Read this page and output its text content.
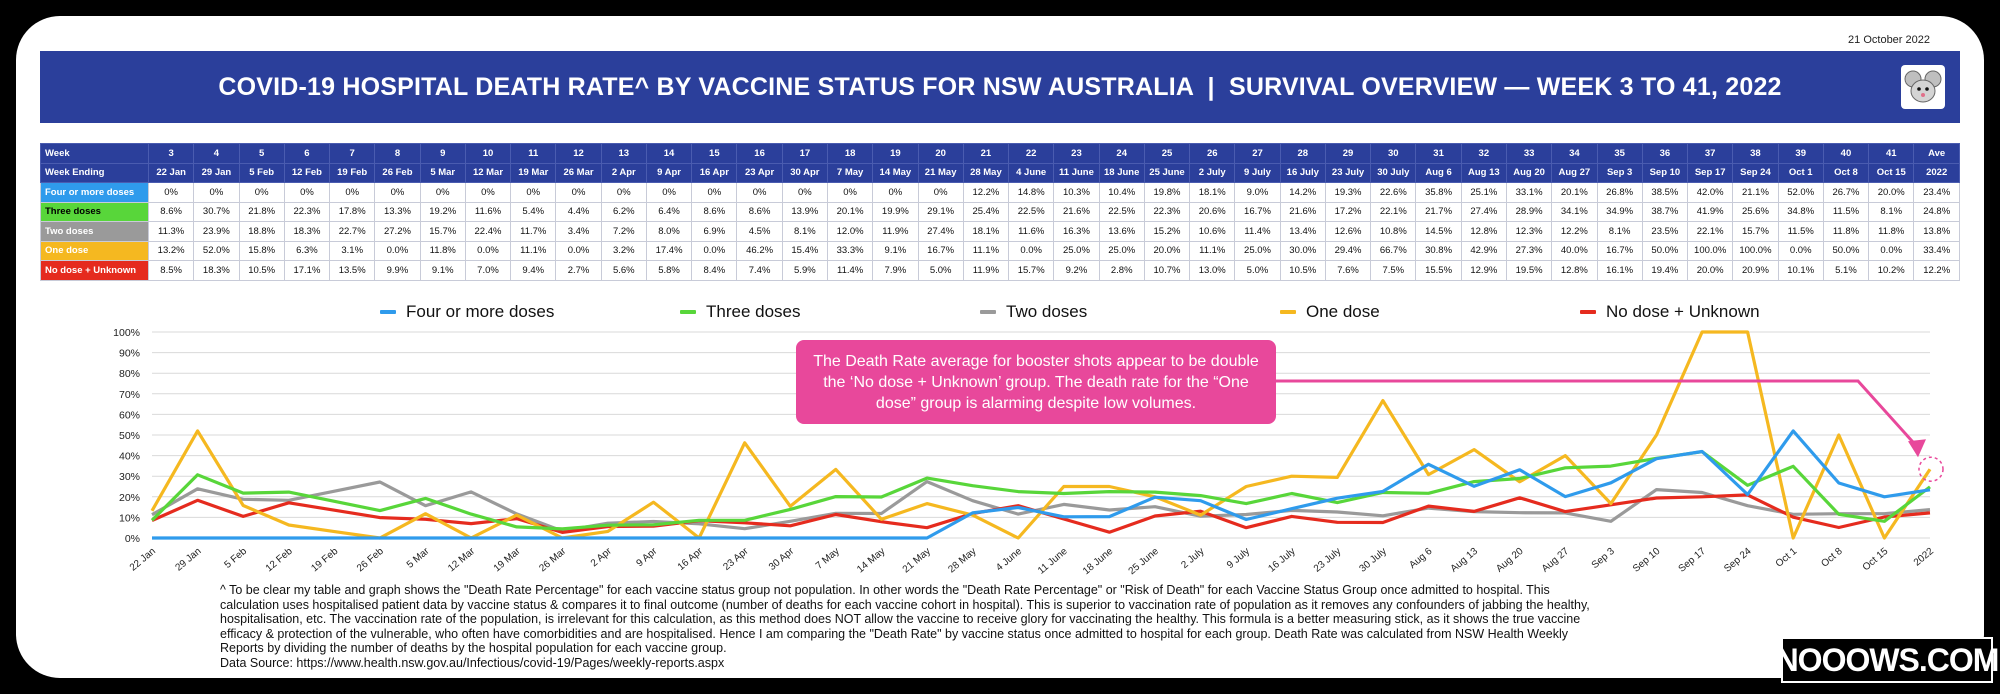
21 October 2022
COVID-19 HOSPITAL DEATH RATE^ BY VACCINE STATUS FOR NSW AUSTRALIA  |  SURVIVAL OVERVIEW — WEEK 3 TO 41, 2022
Week	3	4	5	6	7	8	9	10	11	12	13	14	15	16	17	18	19	20	21	22	23	24	25	26	27	28	29	30	31	32	33	34	35	36	37	38	39	40	41	Ave
Week Ending	22 Jan	29 Jan	5 Feb	12 Feb	19 Feb	26 Feb	5 Mar	12 Mar	19 Mar	26 Mar	2 Apr	9 Apr	16 Apr	23 Apr	30 Apr	7 May	14 May	21 May	28 May	4 June	11 June	18 June	25 June	2 July	9 July	16 July	23 July	30 July	Aug 6	Aug 13	Aug 20	Aug 27	Sep 3	Sep 10	Sep 17	Sep 24	Oct 1	Oct 8	Oct 15	2022
Four or more doses	0%	0%	0%	0%	0%	0%	0%	0%	0%	0%	0%	0%	0%	0%	0%	0%	0%	0%	12.2%	14.8%	10.3%	10.4%	19.8%	18.1%	9.0%	14.2%	19.3%	22.6%	35.8%	25.1%	33.1%	20.1%	26.8%	38.5%	42.0%	21.1%	52.0%	26.7%	20.0%	23.4%
Three doses	8.6%	30.7%	21.8%	22.3%	17.8%	13.3%	19.2%	11.6%	5.4%	4.4%	6.2%	6.4%	8.6%	8.6%	13.9%	20.1%	19.9%	29.1%	25.4%	22.5%	21.6%	22.5%	22.3%	20.6%	16.7%	21.6%	17.2%	22.1%	21.7%	27.4%	28.9%	34.1%	34.9%	38.7%	41.9%	25.6%	34.8%	11.5%	8.1%	24.8%
Two doses	11.3%	23.9%	18.8%	18.3%	22.7%	27.2%	15.7%	22.4%	11.7%	3.4%	7.2%	8.0%	6.9%	4.5%	8.1%	12.0%	11.9%	27.4%	18.1%	11.6%	16.3%	13.6%	15.2%	10.6%	11.4%	13.4%	12.6%	10.8%	14.5%	12.8%	12.3%	12.2%	8.1%	23.5%	22.1%	15.7%	11.5%	11.8%	11.8%	13.8%
One dose	13.2%	52.0%	15.8%	6.3%	3.1%	0.0%	11.8%	0.0%	11.1%	0.0%	3.2%	17.4%	0.0%	46.2%	15.4%	33.3%	9.1%	16.7%	11.1%	0.0%	25.0%	25.0%	20.0%	11.1%	25.0%	30.0%	29.4%	66.7%	30.8%	42.9%	27.3%	40.0%	16.7%	50.0%	100.0%	100.0%	0.0%	50.0%	0.0%	33.4%
No dose + Unknown	8.5%	18.3%	10.5%	17.1%	13.5%	9.9%	9.1%	7.0%	9.4%	2.7%	5.6%	5.8%	8.4%	7.4%	5.9%	11.4%	7.9%	5.0%	11.9%	15.7%	9.2%	2.8%	10.7%	13.0%	5.0%	10.5%	7.6%	7.5%	15.5%	12.9%	19.5%	12.8%	16.1%	19.4%	20.0%	20.9%	10.1%	5.1%	10.2%	12.2%
Four or more doses	Three doses	Two doses	One dose	No dose + Unknown
0%
10%
20%
30%
40%
50%
60%
70%
80%
90%
100%
22 Jan 29 Jan 5 Feb 12 Feb 19 Feb 26 Feb 5 Mar 12 Mar 19 Mar 26 Mar 2 Apr 9 Apr 16 Apr 23 Apr 30 Apr 7 May 14 May 21 May 28 May 4 June 11 June 18 June 25 June 2 July 9 July 16 July 23 July 30 July Aug 6 Aug 13 Aug 20 Aug 27 Sep 3 Sep 10 Sep 17 Sep 24 Oct 1 Oct 8 Oct 15 2022
The Death Rate average for booster shots appear to be double the ‘No dose + Unknown’ group. The death rate for the “One dose” group is alarming despite low volumes.
^ To be clear my table and graph shows the "Death Rate Percentage" for each vaccine status group not population. In other words the "Death Rate Percentage" or "Risk of Death" for each Vaccine Status Group once admitted to hospital. This
calculation uses hospitalised patient data by vaccine status & compares it to final outcome (number of deaths for each vaccine cohort in hospital). This is superior to vaccination rate of population as it removes any confounders of jabbing the healthy,
hospitalisation, etc. The vaccination rate of the population, is irrelevant for this calculation, as this method does NOT allow the vaccine to receive glory for vaccinating the healthy. This formula is a better measuring stick, as it shows the true vaccine
efficacy & protection of the vulnerable, who often have comorbidities and are hospitalised. Hence I am comparing the "Death Rate" by vaccine status once admitted to hospital for each group. Death Rate was calculated from NSW Health Weekly
Reports by dividing the number of deaths by the hospital population for each vaccine group.
Data Source: https://www.health.nsw.gov.au/Infectious/covid-19/Pages/weekly-reports.aspx	NOOOWS.COM
